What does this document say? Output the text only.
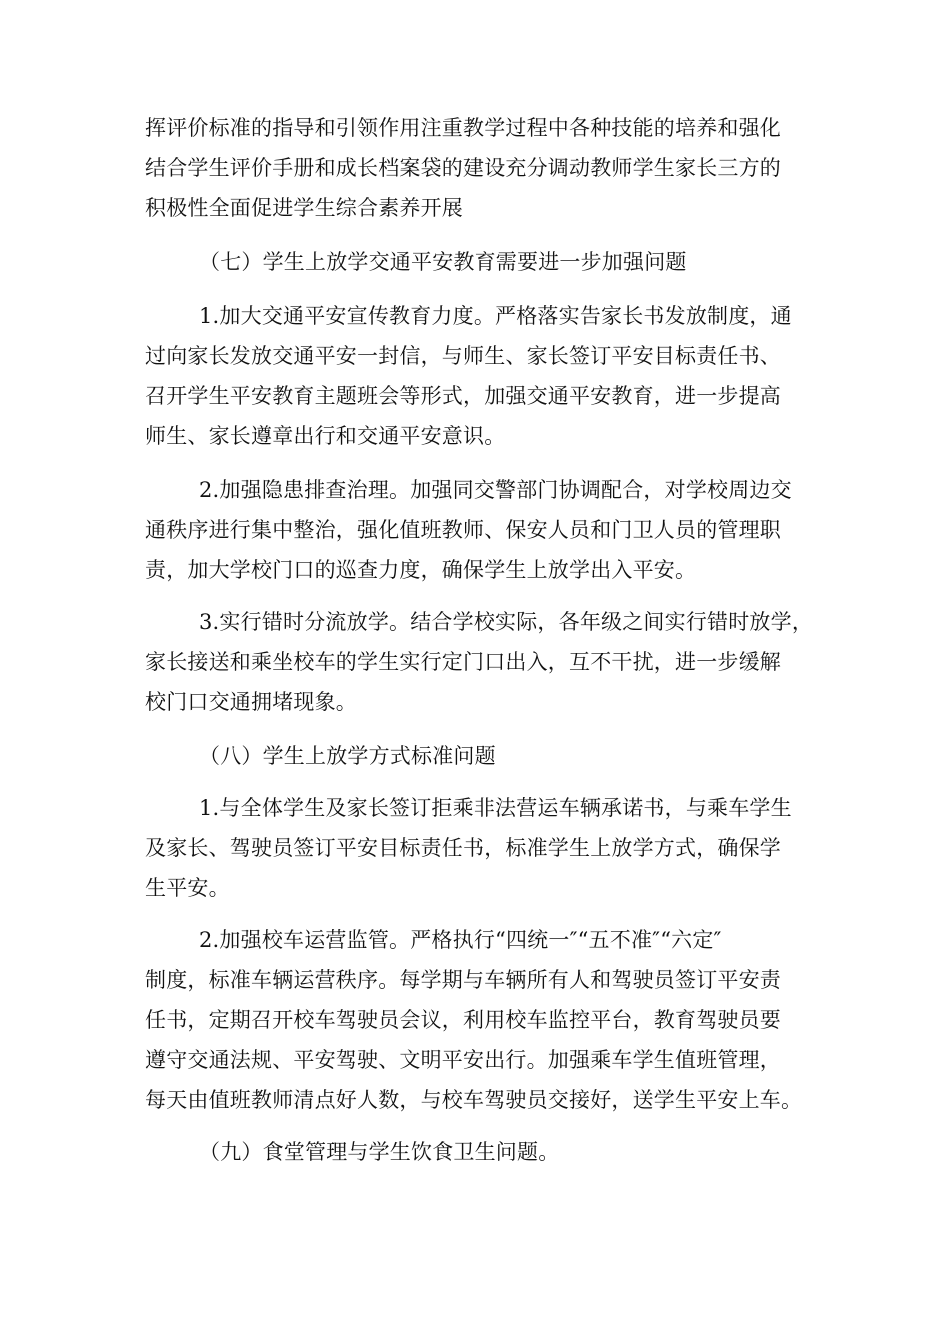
挥评价标准的指导和引领作用注重教学过程中各种技能的培养和强化
结合学生评价手册和成长档案袋的建设充分调动教师学生家长三方的
积极性全面促进学生综合素养开展
（七）学生上放学交通平安教育需要进一步加强问题
1.加大交通平安宣传教育力度。严格落实告家长书发放制度，通
过向家长发放交通平安一封信，与师生、家长签订平安目标责任书、
召开学生平安教育主题班会等形式，加强交通平安教育，进一步提高
师生、家长遵章出行和交通平安意识。
2.加强隐患排查治理。加强同交警部门协调配合，对学校周边交
通秩序进行集中整治，强化值班教师、保安人员和门卫人员的管理职
责，加大学校门口的巡查力度，确保学生上放学出入平安。
3.实行错时分流放学。结合学校实际，各年级之间实行错时放学，
家长接送和乘坐校车的学生实行定门口出入，互不干扰，进一步缓解
校门口交通拥堵现象。
（八）学生上放学方式标准问题
1.与全体学生及家长签订拒乘非法营运车辆承诺书，与乘车学生
及家长、驾驶员签订平安目标责任书，标准学生上放学方式，确保学
生平安。
2.加强校车运营监管。严格执行“四统一″“五不准″“六定″
制度，标准车辆运营秩序。每学期与车辆所有人和驾驶员签订平安责
任书，定期召开校车驾驶员会议，利用校车监控平台，教育驾驶员要
遵守交通法规、平安驾驶、文明平安出行。加强乘车学生值班管理，
每天由值班教师清点好人数，与校车驾驶员交接好，送学生平安上车。
（九）食堂管理与学生饮食卫生问题。
